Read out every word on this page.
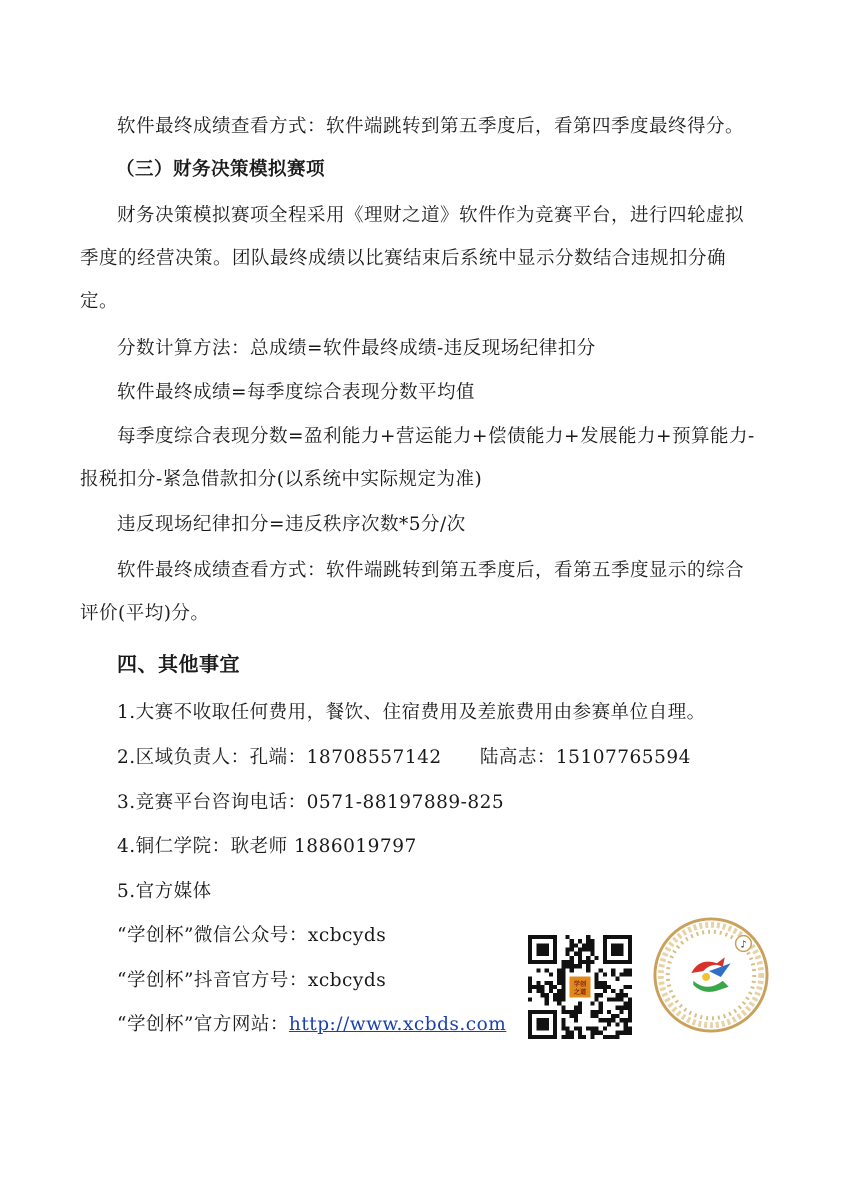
软件最终成绩查看方式：软件端跳转到第五季度后，看第四季度最终得分。
（三）财务决策模拟赛项
财务决策模拟赛项全程采用《理财之道》软件作为竞赛平台，进行四轮虚拟
季度的经营决策。团队最终成绩以比赛结束后系统中显示分数结合违规扣分确
定。
分数计算方法：总成绩=软件最终成绩-违反现场纪律扣分
软件最终成绩=每季度综合表现分数平均值
每季度综合表现分数=盈利能力+营运能力+偿债能力+发展能力+预算能力-
报税扣分-紧急借款扣分(以系统中实际规定为准)
违反现场纪律扣分=违反秩序次数*5分/次
软件最终成绩查看方式：软件端跳转到第五季度后，看第五季度显示的综合
评价(平均)分。
四、其他事宜
1.大赛不收取任何费用，餐饮、住宿费用及差旅费用由参赛单位自理。
2.区域负责人：孔端：18708557142      陆高志：15107765594
3.竞赛平台咨询电话：0571-88197889-825
4.铜仁学院：耿老师 1886019797
5.官方媒体
“学创杯”微信公众号：xcbcyds
“学创杯”抖音官方号：xcbcyds
“学创杯”官方网站：http://www.xcbds.com
学创
之道
♪
